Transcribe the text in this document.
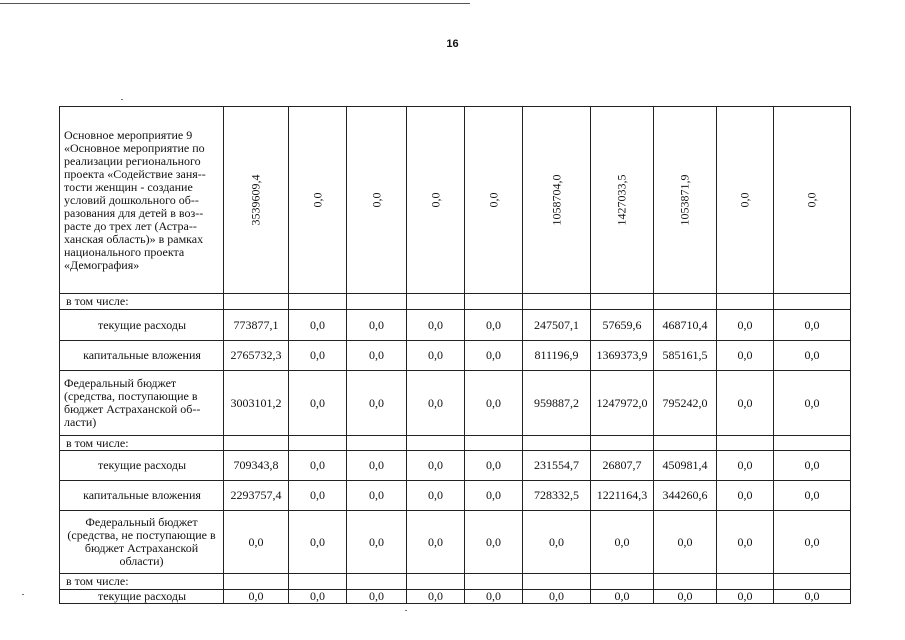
16
Основное мероприятие 9 «Основное мероприятие по реализации регионального проекта «Содействие заня-тости женщин - создание условий дошкольного об-разования для детей в воз-расте до трех лет (Астра-ханская область)» в рамках национального проекта «Демография»	3539609,4	0,0	0,0	0,0	0,0	1058704,0	1427033,5	1053871,9	0,0	0,0

в том числе:										
текущие расходы	773877,1	0,0	0,0	0,0	0,0	247507,1	57659,6	468710,4	0,0	0,0
капитальные вложения	2765732,3	0,0	0,0	0,0	0,0	811196,9	1369373,9	585161,5	0,0	0,0
Федеральный бюджет (средства, поступающие в бюджет Астраханской об-ласти)	3003101,2	0,0	0,0	0,0	0,0	959887,2	1247972,0	795242,0	0,0	0,0
в том числе:										
текущие расходы	709343,8	0,0	0,0	0,0	0,0	231554,7	26807,7	450981,4	0,0	0,0
капитальные вложения	2293757,4	0,0	0,0	0,0	0,0	728332,5	1221164,3	344260,6	0,0	0,0
Федеральный бюджет (средства, не поступающие в бюджет Астраханской области)	0,0	0,0	0,0	0,0	0,0	0,0	0,0	0,0	0,0	0,0
в том числе:										
текущие расходы	0,0	0,0	0,0	0,0	0,0	0,0	0,0	0,0	0,0	0,0
